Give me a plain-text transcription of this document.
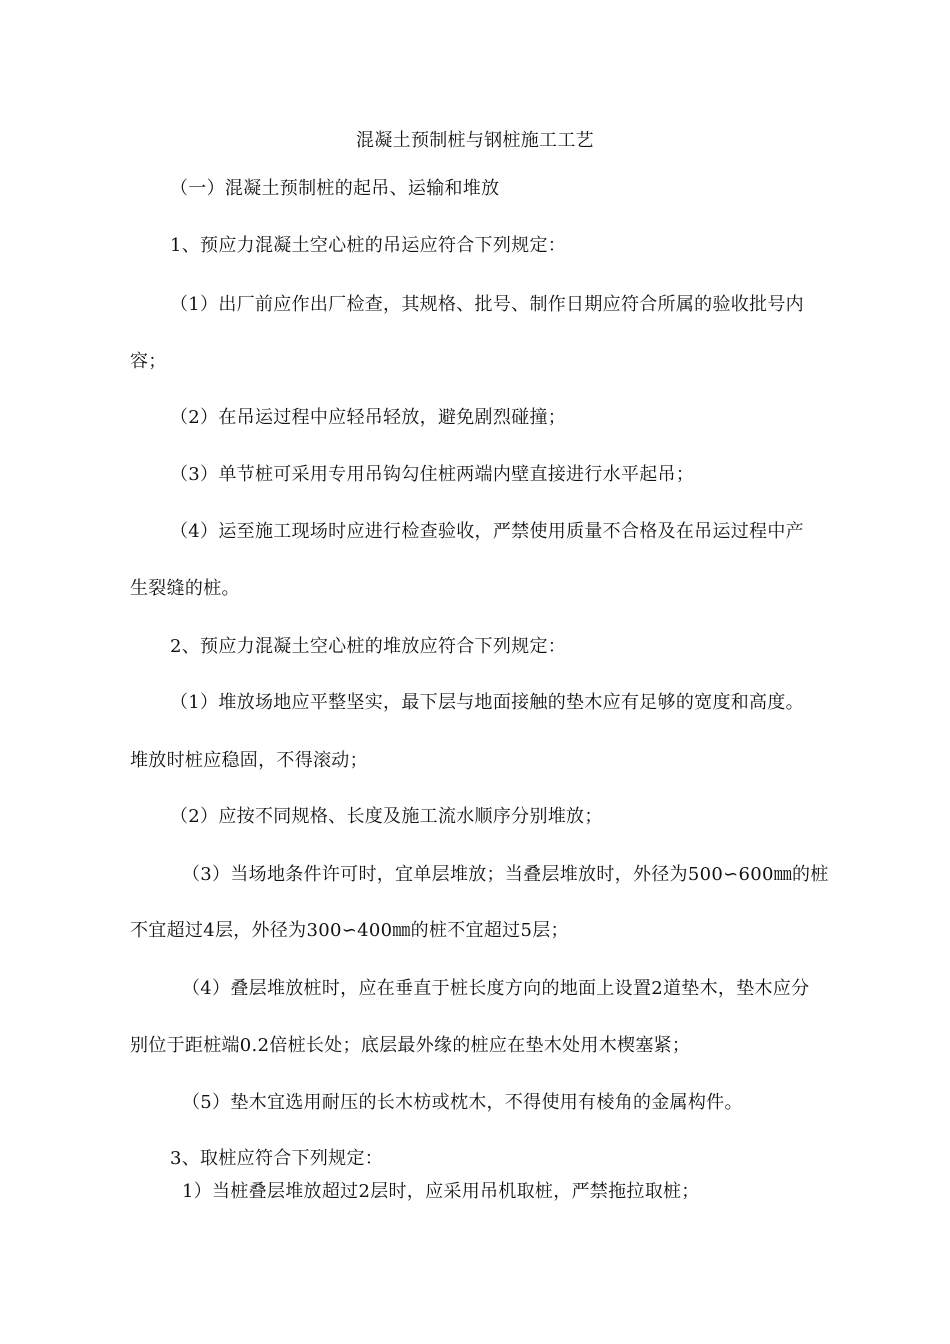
混凝土预制桩与钢桩施工工艺
（一）混凝土预制桩的起吊、运输和堆放
1、预应力混凝土空心桩的吊运应符合下列规定：
（1）出厂前应作出厂检查，其规格、批号、制作日期应符合所属的验收批号内
容；
（2）在吊运过程中应轻吊轻放，避免剧烈碰撞；
（3）单节桩可采用专用吊钩勾住桩两端内壁直接进行水平起吊；
（4）运至施工现场时应进行检查验收，严禁使用质量不合格及在吊运过程中产
生裂缝的桩。
2、预应力混凝土空心桩的堆放应符合下列规定：
（1）堆放场地应平整坚实，最下层与地面接触的垫木应有足够的宽度和高度。
堆放时桩应稳固，不得滚动；
（2）应按不同规格、长度及施工流水顺序分别堆放；
（3）当场地条件许可时，宜单层堆放；当叠层堆放时，外径为500∽600㎜的桩
不宜超过4层，外径为300∽400㎜的桩不宜超过5层；
（4）叠层堆放桩时，应在垂直于桩长度方向的地面上设置2道垫木，垫木应分
别位于距桩端0.2倍桩长处；底层最外缘的桩应在垫木处用木楔塞紧；
（5）垫木宜选用耐压的长木枋或枕木，不得使用有棱角的金属构件。
3、取桩应符合下列规定：
1）当桩叠层堆放超过2层时，应采用吊机取桩，严禁拖拉取桩；
